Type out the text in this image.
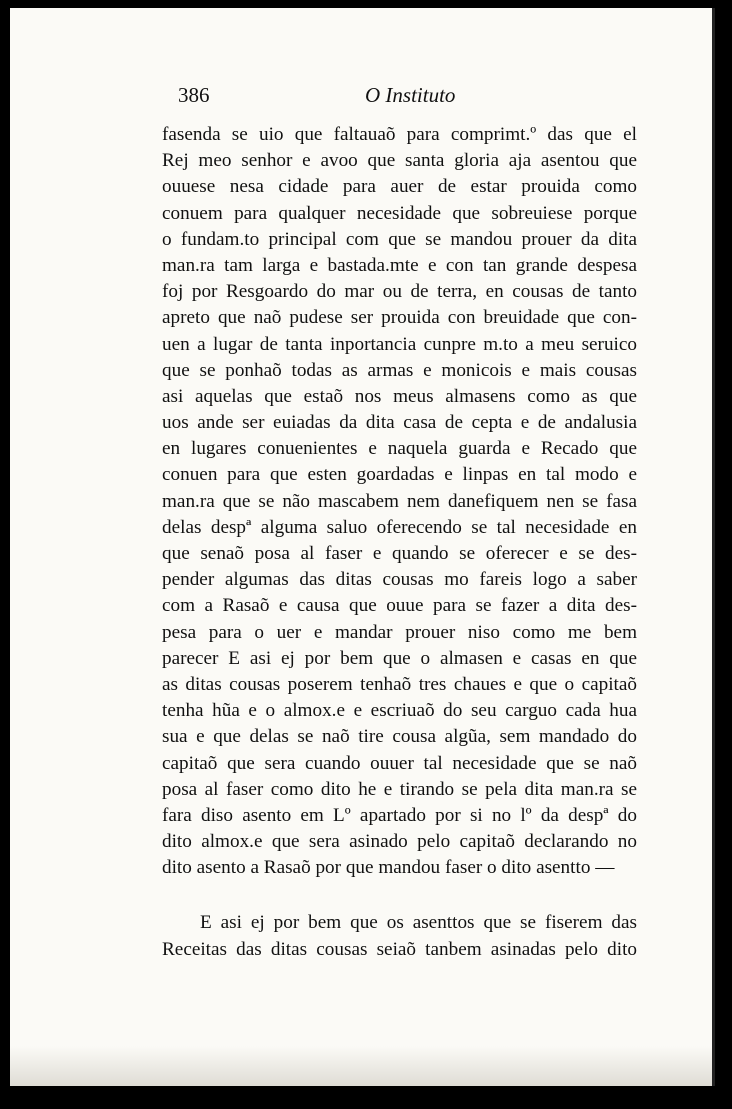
386	O Instituto
fasenda se uio que faltauaõ para comprimt.º das que el
Rej meo senhor e avoo que santa gloria aja asentou que
ouuese nesa cidade para auer de estar prouida como
conuem para qualquer necesidade que sobreuiese porque
o fundam.to principal com que se mandou prouer da dita
man.ra tam larga e bastada.mte e con tan grande despesa
foj por Resgoardo do mar ou de terra, en cousas de tanto
apreto que naõ pudese ser prouida con breuidade que con-
uen a lugar de tanta inportancia cunpre m.to a meu seruico
que se ponhaõ todas as armas e monicois e mais cousas
asi aquelas que estaõ nos meus almasens como as que
uos ande ser euiadas da dita casa de cepta e de andalusia
en lugares conuenientes e naquela guarda e Recado que
conuen para que esten goardadas e linpas en tal modo e
man.ra que se não mascabem nem danefiquem nen se fasa
delas despª alguma saluo oferecendo se tal necesidade en
que senaõ posa al faser e quando se oferecer e se des-
pender algumas das ditas cousas mo fareis logo a saber
com a Rasaõ e causa que ouue para se fazer a dita des-
pesa para o uer e mandar prouer niso como me bem
parecer E asi ej por bem que o almasen e casas en que
as ditas cousas poserem tenhaõ tres chaues e que o capitaõ
tenha hũa e o almox.e e escriuaõ do seu carguo cada hua
sua e que delas se naõ tire cousa algũa, sem mandado do
capitaõ que sera cuando ouuer tal necesidade que se naõ
posa al faser como dito he e tirando se pela dita man.ra se
fara diso asento em Lº apartado por si no lº da despª do
dito almox.e que sera asinado pelo capitaõ declarando no
dito asento a Rasaõ por que mandou faser o dito asentto —
E asi ej por bem que os asenttos que se fiserem das
Receitas das ditas cousas seiaõ tanbem asinadas pelo dito
